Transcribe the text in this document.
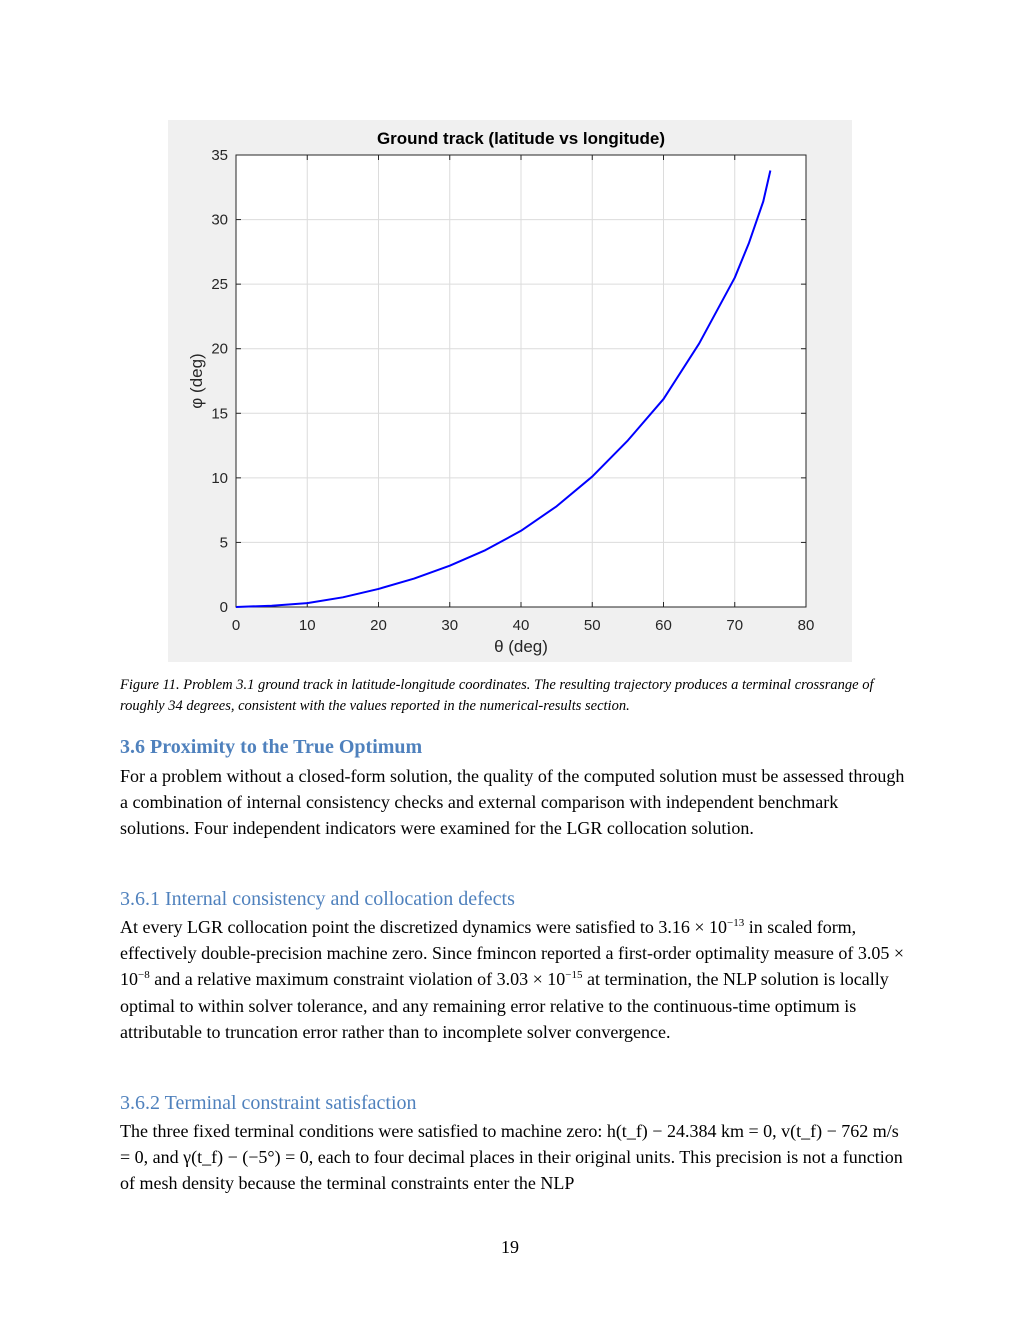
0	10	20	30	40	50	60	70	80
0
5
10
15
20
25
30
35
Ground track (latitude vs longitude)
θ (deg)
φ (deg)
Figure 11. Problem 3.1 ground track in latitude-longitude coordinates. The resulting trajectory produces a terminal crossrange of roughly 34 degrees, consistent with the values reported in the numerical-results section.
3.6 Proximity to the True Optimum
For a problem without a closed-form solution, the quality of the computed solution must be assessed through a combination of internal consistency checks and external comparison with independent benchmark solutions. Four independent indicators were examined for the LGR collocation solution.
3.6.1 Internal consistency and collocation defects
At every LGR collocation point the discretized dynamics were satisfied to $3.16 \times 10^{-13}$ in scaled form, effectively double-precision machine zero. Since fmincon reported a first-order optimality measure of $3.05 \times 10^{-8}$ and a relative maximum constraint violation of $3.03 \times 10^{-15}$ at termination, the NLP solution is locally optimal to within solver tolerance, and any remaining error relative to the continuous-time optimum is attributable to truncation error rather than to incomplete solver convergence.
3.6.2 Terminal constraint satisfaction
The three fixed terminal conditions were satisfied to machine zero: h(t_f) − 24.384 km = 0, v(t_f) − 762 m/s = 0, and γ(t_f) − (−5°) = 0, each to four decimal places in their original units. This precision is not a function of mesh density because the terminal constraints enter the NLP
19
